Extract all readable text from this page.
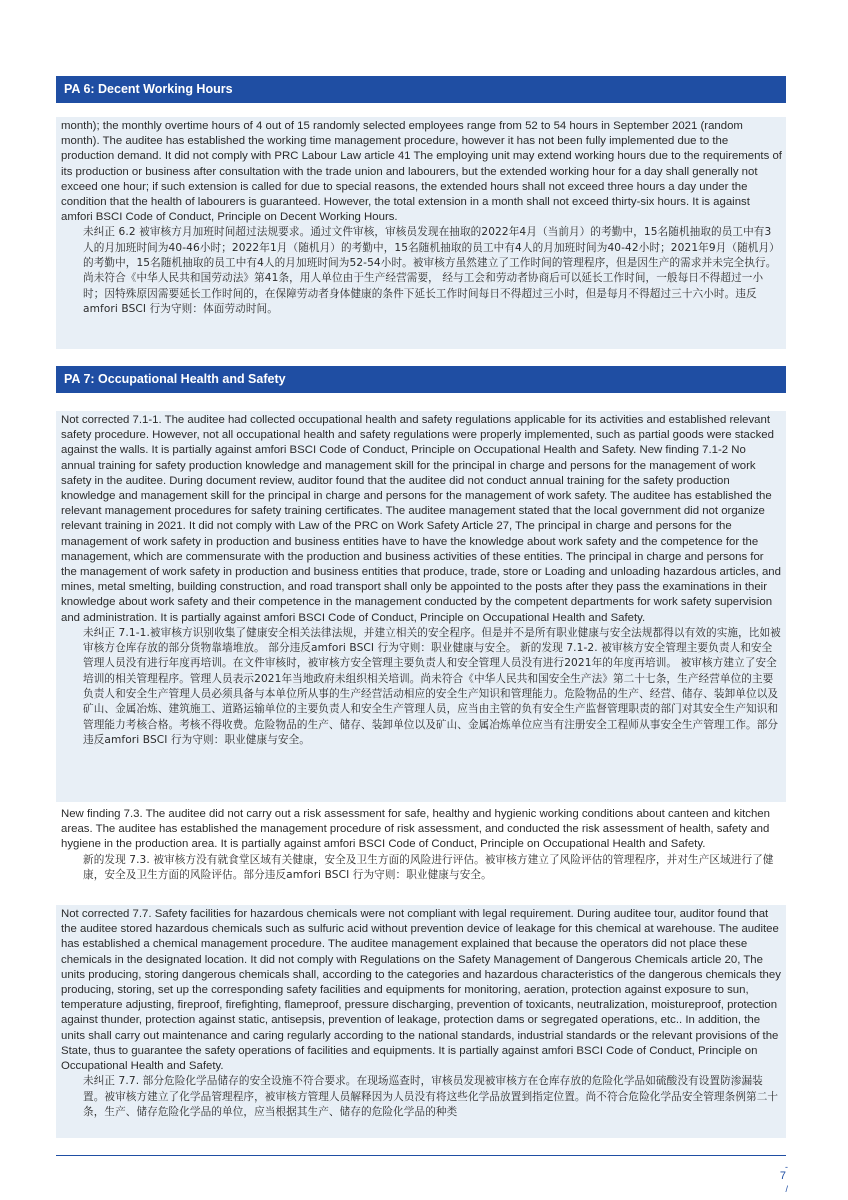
PA 6: Decent Working Hours

month); the monthly overtime hours of 4 out of 15 randomly selected employees range from 52 to 54 hours in September 2021 (random month). The auditee has established the working time management procedure, however it has not been fully implemented due to the production demand. It did not comply with PRC Labour Law article 41 The employing unit may extend working hours due to the requirements of its production or business after consultation with the trade union and labourers, but the extended working hour for a day shall generally not exceed one hour; if such extension is called for due to special reasons, the extended hours shall not exceed three hours a day under the condition that the health of labourers is guaranteed. However, the total extension in a month shall not exceed thirty-six hours. It is against amfori BSCI Code of Conduct, Principle on Decent Working Hours.

未纠正 6.2 被审核方月加班时间超过法规要求。通过文件审核，审核员发现在抽取的2022年4月（当前月）的考勤中，15名随机抽取的员工中有3人的月加班时间为40-46小时；2022年1月（随机月）的考勤中，15名随机抽取的员工中有4人的月加班时间为40-42小时；2021年9月（随机月）的考勤中，15名随机抽取的员工中有4人的月加班时间为52-54小时。被审核方虽然建立了工作时间的管理程序，但是因生产的需求并未完全执行。尚未符合《中华人民共和国劳动法》第41条，用人单位由于生产经营需要， 经与工会和劳动者协商后可以延长工作时间，一般每日不得超过一小时；因特殊原因需要延长工作时间的，在保障劳动者身体健康的条件下延长工作时间每日不得超过三小时，但是每月不得超过三十六小时。违反amfori BSCI 行为守则：体面劳动时间。

PA 7: Occupational Health and Safety

Not corrected 7.1-1. The auditee had collected occupational health and safety regulations applicable for its activities and established relevant safety procedure. However, not all occupational health and safety regulations were properly implemented, such as partial goods were stacked against the walls. It is partially against amfori BSCI Code of Conduct, Principle on Occupational Health and Safety. New finding 7.1-2 No annual training for safety production knowledge and management skill for the principal in charge and persons for the management of work safety in the auditee. During document review, auditor found that the auditee did not conduct annual training for the safety production knowledge and management skill for the principal in charge and persons for the management of work safety. The auditee has established the relevant management procedures for safety training certificates. The auditee management stated that the local government did not organize relevant training in 2021. It did not comply with Law of the PRC on Work Safety Article 27, The principal in charge and persons for the management of work safety in production and business entities have to have the knowledge about work safety and the competence for the management, which are commensurate with the production and business activities of these entities. The principal in charge and persons for the management of work safety in production and business entities that produce, trade, store or Loading and unloading hazardous articles, and mines, metal smelting, building construction, and road transport shall only be appointed to the posts after they pass the examinations in their knowledge about work safety and their competence in the management conducted by the competent departments for work safety supervision and administration. It is partially against amfori BSCI Code of Conduct, Principle on Occupational Health and Safety.

未纠正 7.1-1.被审核方识别收集了健康安全相关法律法规，并建立相关的安全程序。但是并不是所有职业健康与安全法规都得以有效的实施，比如被审核方仓库存放的部分货物靠墙堆放。 部分违反amfori BSCI 行为守则：职业健康与安全。 新的发现 7.1-2. 被审核方安全管理主要负责人和安全管理人员没有进行年度再培训。在文件审核时，被审核方安全管理主要负责人和安全管理人员没有进行2021年的年度再培训。 被审核方建立了安全培训的相关管理程序。管理人员表示2021年当地政府未组织相关培训。尚未符合《中华人民共和国安全生产法》第二十七条，生产经营单位的主要负责人和安全生产管理人员必须具备与本单位所从事的生产经营活动相应的安全生产知识和管理能力。危险物品的生产、经营、储存、装卸单位以及矿山、金属冶炼、建筑施工、道路运输单位的主要负责人和安全生产管理人员，应当由主管的负有安全生产监督管理职责的部门对其安全生产知识和管理能力考核合格。考核不得收费。危险物品的生产、储存、装卸单位以及矿山、金属冶炼单位应当有注册安全工程师从事安全生产管理工作。部分违反amfori BSCI 行为守则：职业健康与安全。

New finding 7.3. The auditee did not carry out a risk assessment for safe, healthy and hygienic working conditions about canteen and kitchen areas. The auditee has established the management procedure of risk assessment, and conducted the risk assessment of health, safety and hygiene in the production area. It is partially against amfori BSCI Code of Conduct, Principle on Occupational Health and Safety.

新的发现 7.3. 被审核方没有就食堂区域有关健康，安全及卫生方面的风险进行评估。被审核方建立了风险评估的管理程序，并对生产区域进行了健康，安全及卫生方面的风险评估。部分违反amfori BSCI 行为守则：职业健康与安全。

Not corrected 7.7. Safety facilities for hazardous chemicals were not compliant with legal requirement. During auditee tour, auditor found that the auditee stored hazardous chemicals such as sulfuric acid without prevention device of leakage for this chemical at warehouse. The auditee has established a chemical management procedure. The auditee management explained that because the operators did not place these chemicals in the designated location. It did not comply with Regulations on the Safety Management of Dangerous Chemicals article 20, The units producing, storing dangerous chemicals shall, according to the categories and hazardous characteristics of the dangerous chemicals they producing, storing, set up the corresponding safety facilities and equipments for monitoring, aeration, protection against exposure to sun, temperature adjusting, fireproof, firefighting, flameproof, pressure discharging, prevention of toxicants, neutralization, moistureproof, protection against thunder, protection against static, antisepsis, prevention of leakage, protection dams or segregated operations, etc.. In addition, the units shall carry out maintenance and caring regularly according to the national standards, industrial standards or the relevant provisions of the State, thus to guarantee the safety operations of facilities and equipments. It is partially against amfori BSCI Code of Conduct, Principle on Occupational Health and Safety.

未纠正 7.7. 部分危险化学品储存的安全设施不符合要求。在现场巡查时，审核员发现被审核方在仓库存放的危险化学品如硫酸没有设置防渗漏装置。被审核方建立了化学品管理程序，被审核方管理人员解释因为人员没有将这些化学品放置到指定位置。尚不符合危险化学品安全管理条例第二十条，生产、储存危险化学品的单位，应当根据其生产、储存的危险化学品的种类

-
7
/
